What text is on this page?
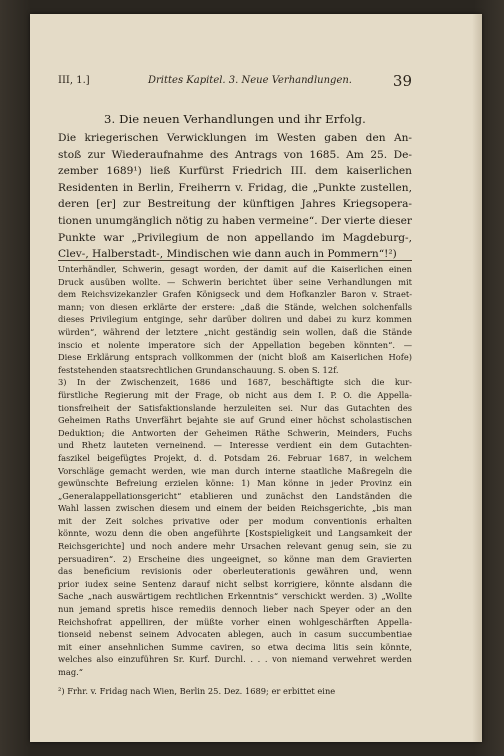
III, 1.]	Drittes Kapitel. 3. Neue Verhandlungen.	39
3. Die neuen Verhandlungen und ihr Erfolg.
Die kriegerischen Verwicklungen im Westen gaben den An-
stoß zur Wiederaufnahme des Antrags von 1685. Am 25. De-
zember 1689¹) ließ Kurfürst Friedrich III. dem kaiserlichen
Residenten in Berlin, Freiherrn v. Fridag, die „Punkte zustellen,
deren [er] zur Bestreitung der künftigen Jahres Kriegsopera-
tionen unumgänglich nötig zu haben vermeine“. Der vierte dieser
Punkte war „Privilegium de non appellando im Magdeburg-,
Clev-, Halberstadt-, Mindischen wie dann auch in Pommern“!²)
Unterhändler, Schwerin, gesagt worden, der damit auf die Kaiserlichen einen
Druck ausüben wollte. — Schwerin berichtet über seine Verhandlungen mit
dem Reichsvizekanzler Grafen Königseck und dem Hofkanzler Baron v. Straet-
mann; von diesen erklärte der erstere: „daß die Stände, welchen solchenfalls
dieses Privilegium entginge, sehr darüber doliren und dabei zu kurz kommen
würden“, während der letztere „nicht geständig sein wollen, daß die Stände
inscio et nolente imperatore sich der Appellation begeben könnten“. —
Diese Erklärung entsprach vollkommen der (nicht bloß am Kaiserlichen Hofe)
feststehenden staatsrechtlichen Grundanschauung. S. oben S. 12f.
3) In der Zwischenzeit, 1686 und 1687, beschäftigte sich die kur-
fürstliche Regierung mit der Frage, ob nicht aus dem I. P. O. die Appella-
tionsfreiheit der Satisfaktionslande herzuleiten sei. Nur das Gutachten des
Geheimen Raths Unverfährt bejahte sie auf Grund einer höchst scholastischen
Deduktion; die Antworten der Geheimen Räthe Schwerin, Meinders, Fuchs
und Rhetz lauteten verneinend. — Interesse verdient ein dem Gutachten-
faszikel beigefügtes Projekt, d. d. Potsdam 26. Februar 1687, in welchem
Vorschläge gemacht werden, wie man durch interne staatliche Maßregeln die
gewünschte Befreiung erzielen könne: 1) Man könne in jeder Provinz ein
„Generalappellationsgericht“ etablieren und zunächst den Landständen die
Wahl lassen zwischen diesem und einem der beiden Reichsgerichte, „bis man
mit der Zeit solches privative oder per modum conventionis erhalten
könnte, wozu denn die oben angeführte [Kostspieligkeit und Langsamkeit der
Reichsgerichte] und noch andere mehr Ursachen relevant genug sein, sie zu
persuadiren“. 2) Erscheine dies ungeeignet, so könne man dem Gravierten
das beneficium revisionis oder oberleuterationis gewähren und, wenn
prior iudex seine Sentenz darauf nicht selbst korrigiere, könnte alsdann die
Sache „nach auswärtigem rechtlichen Erkenntnis“ verschickt werden. 3) „Wollte
nun jemand spretis hisce remediis dennoch lieber nach Speyer oder an den
Reichshofrat appelliren, der müßte vorher einen wohlgeschärften Appella-
tionseid nebenst seinem Advocaten ablegen, auch in casum succumbentiae
mit einer ansehnlichen Summe caviren, so etwa decima litis sein könnte,
welches also einzuführen Sr. Kurf. Durchl. . . . von niemand verwehret werden
mag.“
²) Frhr. v. Fridag nach Wien, Berlin 25. Dez. 1689; er erbittet eine
